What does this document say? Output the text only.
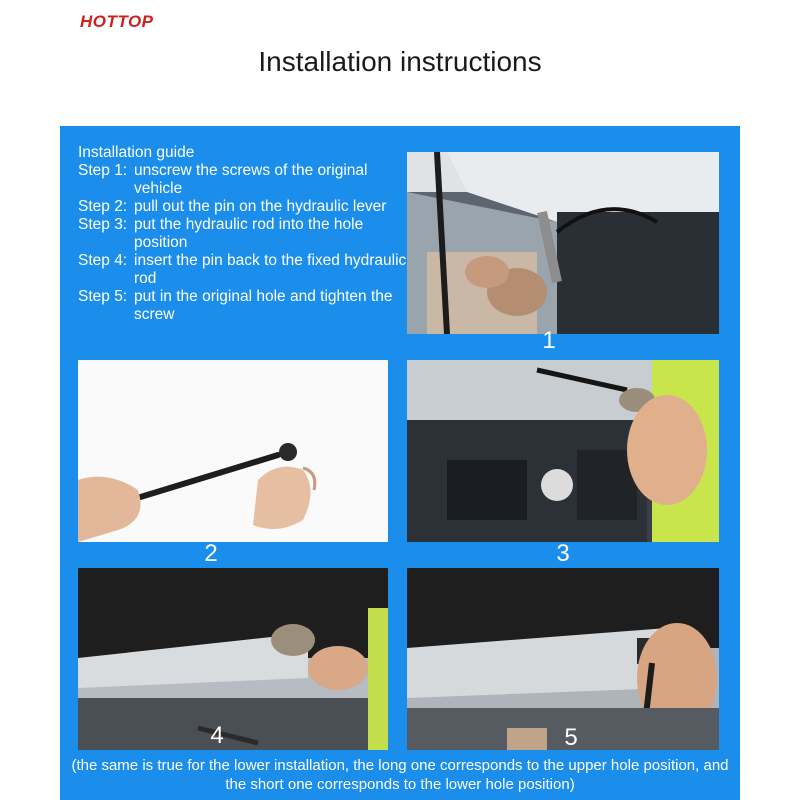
HOTTOP
Installation instructions
Installation guide
Step 1: unscrew the screws of the original vehicle
Step 2: pull out the pin on the hydraulic lever
Step 3: put the hydraulic rod into the hole position
Step 4: insert the pin back to the fixed hydraulic rod
Step 5: put in the original hole and tighten the screw
1
2	3
4	5
(the same is true for the lower installation, the long one corresponds to the upper hole position, and the short one corresponds to the lower hole position)
